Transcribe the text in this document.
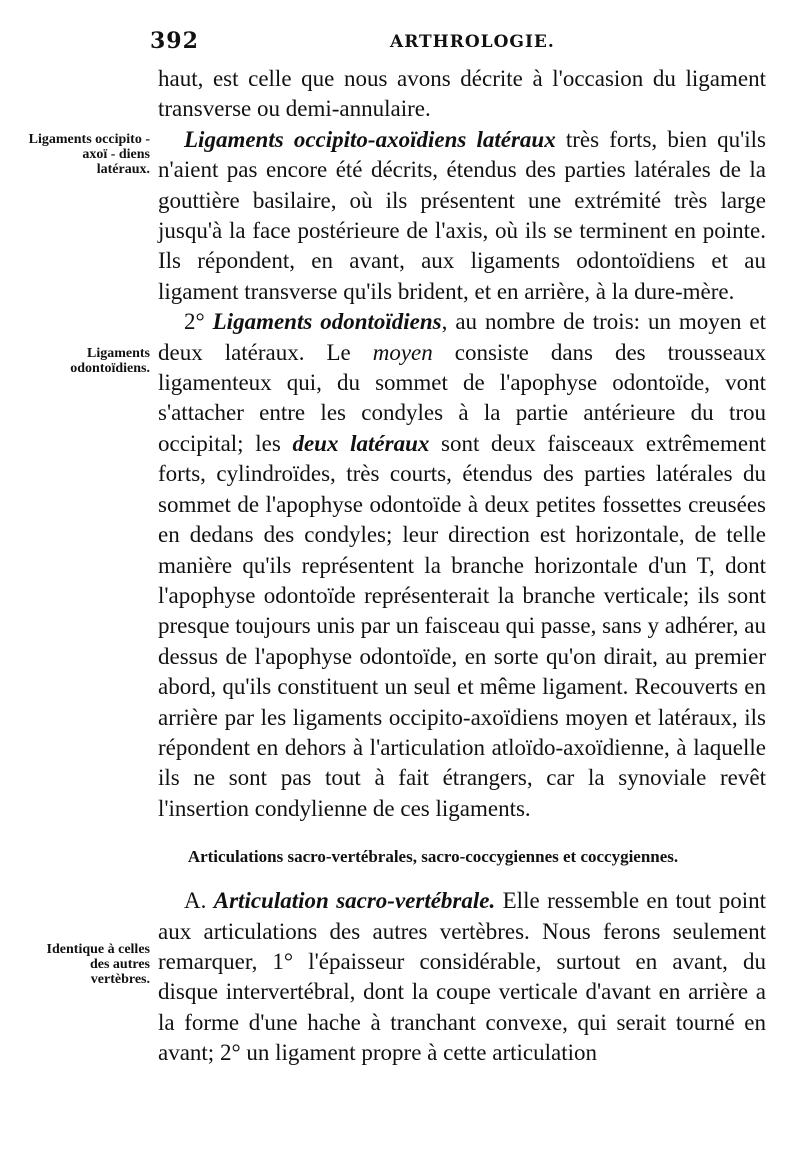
392	ARTHROLOGIE.
Ligaments occipito - axoï - diens latéraux.
Ligaments odontoïdiens.
Identique à celles des autres vertèbres.

haut, est celle que nous avons décrite à l'occasion du ligament transverse ou demi-annulaire.

Ligaments occipito-axoïdiens latéraux très forts, bien qu'ils n'aient pas encore été décrits, étendus des parties latérales de la gouttière basilaire, où ils présentent une extrémité très large jusqu'à la face postérieure de l'axis, où ils se terminent en pointe. Ils répondent, en avant, aux ligaments odontoïdiens et au ligament transverse qu'ils brident, et en arrière, à la dure-mère.

2° Ligaments odontoïdiens, au nombre de trois: un moyen et deux latéraux. Le moyen consiste dans des trousseaux ligamenteux qui, du sommet de l'apophyse odontoïde, vont s'attacher entre les condyles à la partie antérieure du trou occipital; les deux latéraux sont deux faisceaux extrêmement forts, cylindroïdes, très courts, étendus des parties latérales du sommet de l'apophyse odontoïde à deux petites fossettes creusées en dedans des condyles; leur direction est horizontale, de telle manière qu'ils représentent la branche horizontale d'un T, dont l'apophyse odontoïde représenterait la branche verticale; ils sont presque toujours unis par un faisceau qui passe, sans y adhérer, au dessus de l'apophyse odontoïde, en sorte qu'on dirait, au premier abord, qu'ils constituent un seul et même ligament. Recouverts en arrière par les ligaments occipito-axoïdiens moyen et latéraux, ils répondent en dehors à l'articulation atloïdo-axoïdienne, à laquelle ils ne sont pas tout à fait étrangers, car la synoviale revêt l'insertion condylienne de ces ligaments.

Articulations sacro-vertébrales, sacro-coccygiennes et coccygiennes.

A. Articulation sacro-vertébrale. Elle ressemble en tout point aux articulations des autres vertèbres. Nous ferons seulement remarquer, 1° l'épaisseur considérable, surtout en avant, du disque intervertébral, dont la coupe verticale d'avant en arrière a la forme d'une hache à tranchant convexe, qui serait tourné en avant; 2° un ligament propre à cette articulation
